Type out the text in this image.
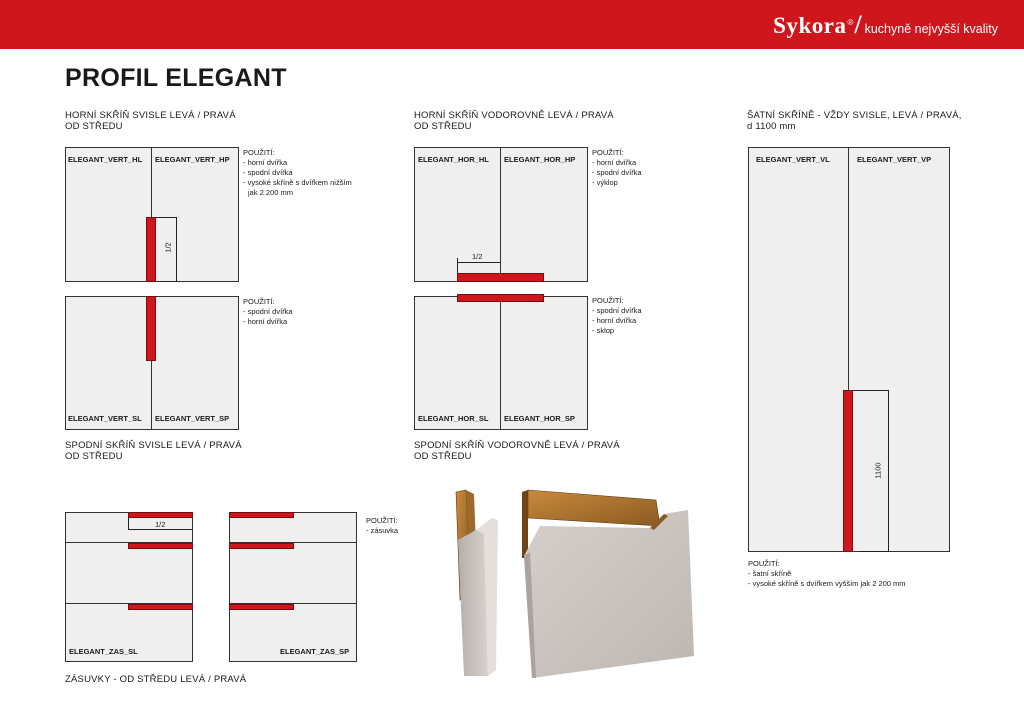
Sykora ® / kuchyně nejvyšší kvality
PROFIL ELEGANT
HORNÍ SKŘÍŇ SVISLE LEVÁ / PRAVÁ
OD STŘEDU
ELEGANT_VERT_HL ELEGANT_VERT_HP
1/2
POUŽITÍ:
- horní dvířka
- spodní dvířka
- vysoké skříně s dvířkem nižším
jak 2 200 mm
ELEGANT_VERT_SL ELEGANT_VERT_SP
POUŽITÍ:
- spodní dvířka
- horní dvířka
HORNÍ SKŘÍŇ VODOROVNĚ LEVÁ / PRAVÁ
OD STŘEDU
ELEGANT_HOR_HL ELEGANT_HOR_HP
1/2
POUŽITÍ:
- horní dvířka
- spodní dvířka
- výklop
ELEGANT_HOR_SL ELEGANT_HOR_SP
POUŽITÍ:
- spodní dvířka
- horní dvířka
- sklop
ŠATNÍ SKŘÍNĚ - VŽDY SVISLE, LEVÁ / PRAVÁ,
d 1100 mm
ELEGANT_VERT_VL	ELEGANT_VERT_VP
1100
POUŽITÍ:
- šatní skříně
- vysoké skříně s dvířkem vyšším jak 2 200 mm
SPODNÍ SKŘÍŇ SVISLE LEVÁ / PRAVÁ
OD STŘEDU
1/2
ELEGANT_ZAS_SL	ELEGANT_ZAS_SP
POUŽITÍ:
- zásuvka
ZÁSUVKY - OD STŘEDU LEVÁ / PRAVÁ
SPODNÍ SKŘÍŇ VODOROVNĚ LEVÁ / PRAVÁ
OD STŘEDU
